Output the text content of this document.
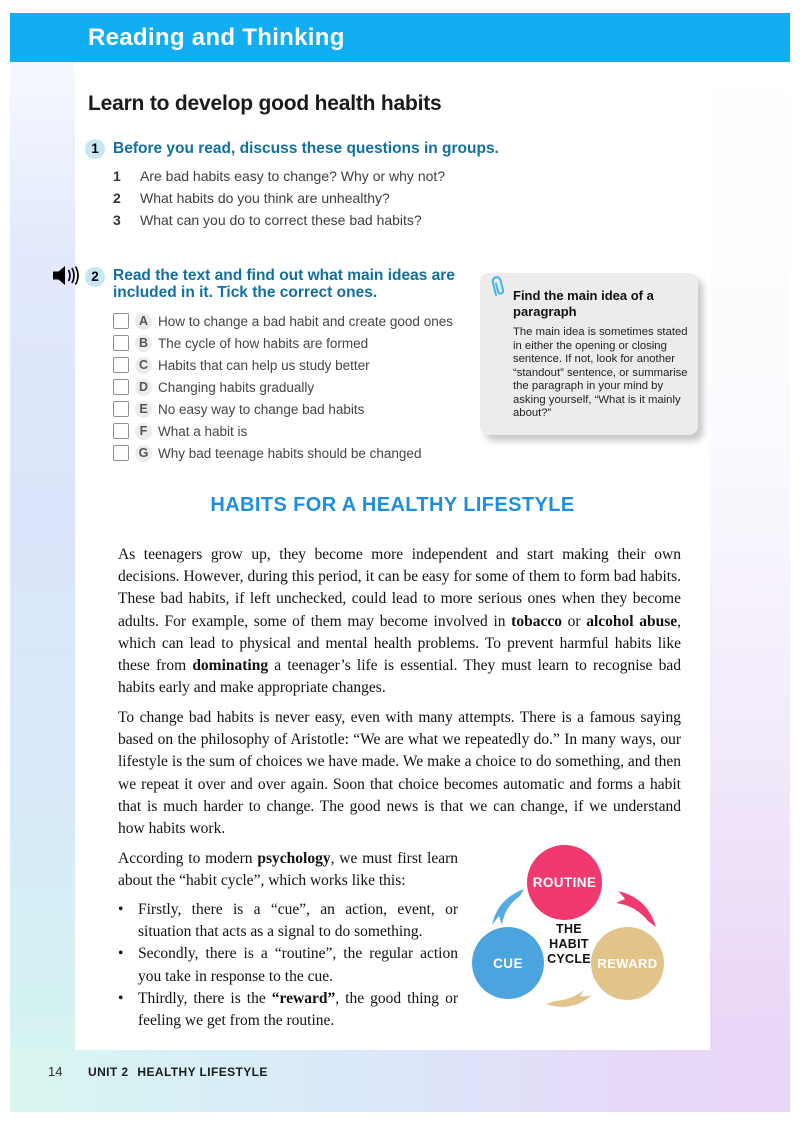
Reading and Thinking
Learn to develop good health habits
1 Before you read, discuss these questions in groups.
1	Are bad habits easy to change? Why or why not?
2	What habits do you think are unhealthy?
3	What can you do to correct these bad habits?
2 Read the text and find out what main ideas are included in it. Tick the correct ones.
A How to change a bad habit and create good ones
B The cycle of how habits are formed
C Habits that can help us study better
D Changing habits gradually
E No easy way to change bad habits
F What a habit is
G Why bad teenage habits should be changed
Find the main idea of a paragraph
The main idea is sometimes stated in either the opening or closing sentence. If not, look for another “standout” sentence, or summarise the paragraph in your mind by asking yourself, “What is it mainly about?”
HABITS FOR A HEALTHY LIFESTYLE
As teenagers grow up, they become more independent and start making their own decisions. However, during this period, it can be easy for some of them to form bad habits. These bad habits, if left unchecked, could lead to more serious ones when they become adults. For example, some of them may become involved in tobacco or alcohol abuse, which can lead to physical and mental health problems. To prevent harmful habits like these from dominating a teenager’s life is essential. They must learn to recognise bad habits early and make appropriate changes.
To change bad habits is never easy, even with many attempts. There is a famous saying based on the philosophy of Aristotle: “We are what we repeatedly do.” In many ways, our lifestyle is the sum of choices we have made. We make a choice to do something, and then we repeat it over and over again. Soon that choice becomes automatic and forms a habit that is much harder to change. The good news is that we can change, if we understand how habits work.
According to modern psychology, we must first learn about the “habit cycle”, which works like this:
• Firstly, there is a “cue”, an action, event, or situation that acts as a signal to do something.
• Secondly, there is a “routine”, the regular action you take in response to the cue.
• Thirdly, there is the “reward”, the good thing or feeling we get from the routine.
ROUTINE
CUE	REWARD
THE
HABIT
CYCLE
14 UNIT 2 HEALTHY LIFESTYLE
